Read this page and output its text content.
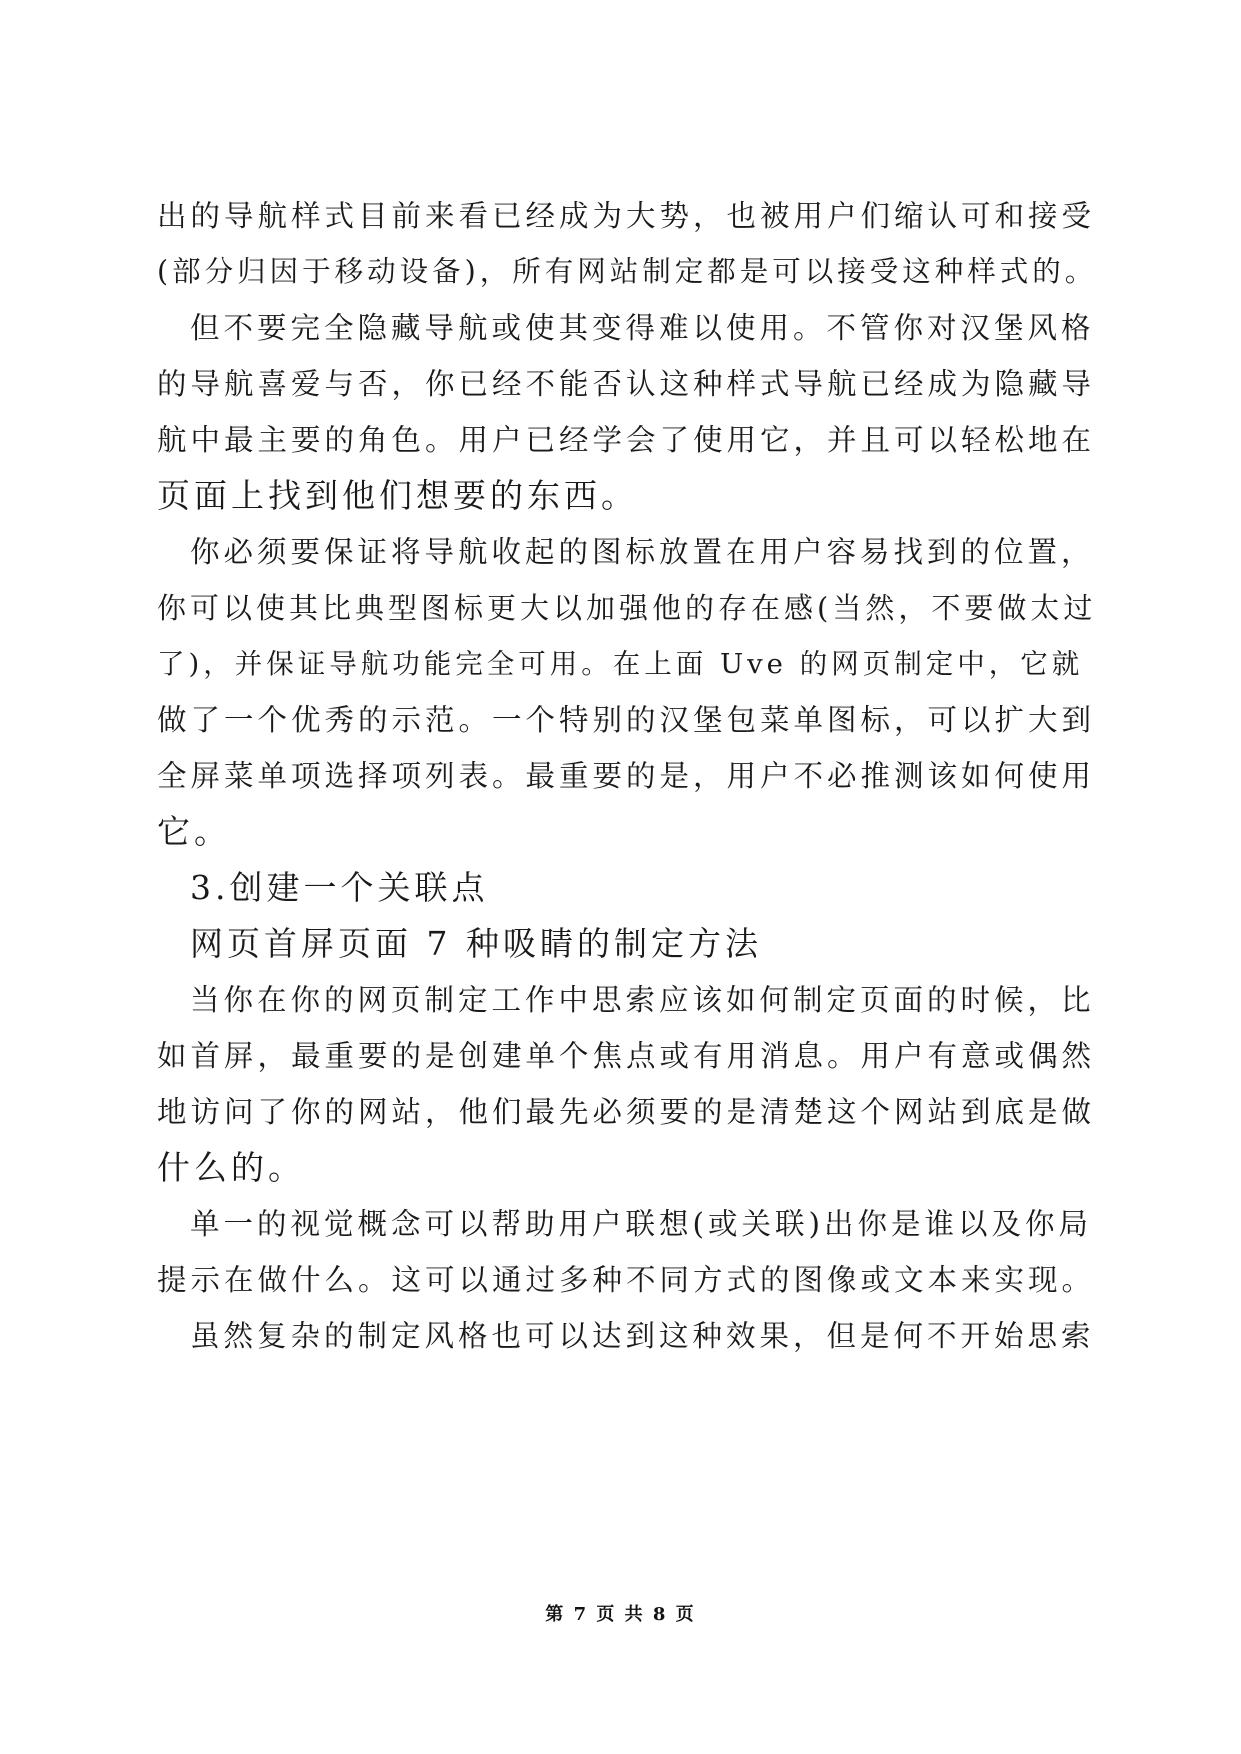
出的导航样式目前来看已经成为大势，也被用户们缩认可和接受
(部分归因于移动设备)，所有网站制定都是可以接受这种样式的。
但不要完全隐藏导航或使其变得难以使用。不管你对汉堡风格
的导航喜爱与否，你已经不能否认这种样式导航已经成为隐藏导
航中最主要的角色。用户已经学会了使用它，并且可以轻松地在
页面上找到他们想要的东西。
你必须要保证将导航收起的图标放置在用户容易找到的位置，
你可以使其比典型图标更大以加强他的存在感(当然，不要做太过
了)，并保证导航功能完全可用。在上面 Uve 的网页制定中，它就
做了一个优秀的示范。一个特别的汉堡包菜单图标，可以扩大到
全屏菜单项选择项列表。最重要的是，用户不必推测该如何使用
它。
3.创建一个关联点
网页首屏页面 7 种吸睛的制定方法
当你在你的网页制定工作中思索应该如何制定页面的时候，比
如首屏，最重要的是创建单个焦点或有用消息。用户有意或偶然
地访问了你的网站，他们最先必须要的是清楚这个网站到底是做
什么的。
单一的视觉概念可以帮助用户联想(或关联)出你是谁以及你局
提示在做什么。这可以通过多种不同方式的图像或文本来实现。
虽然复杂的制定风格也可以达到这种效果，但是何不开始思索
第 7 页 共 8 页
